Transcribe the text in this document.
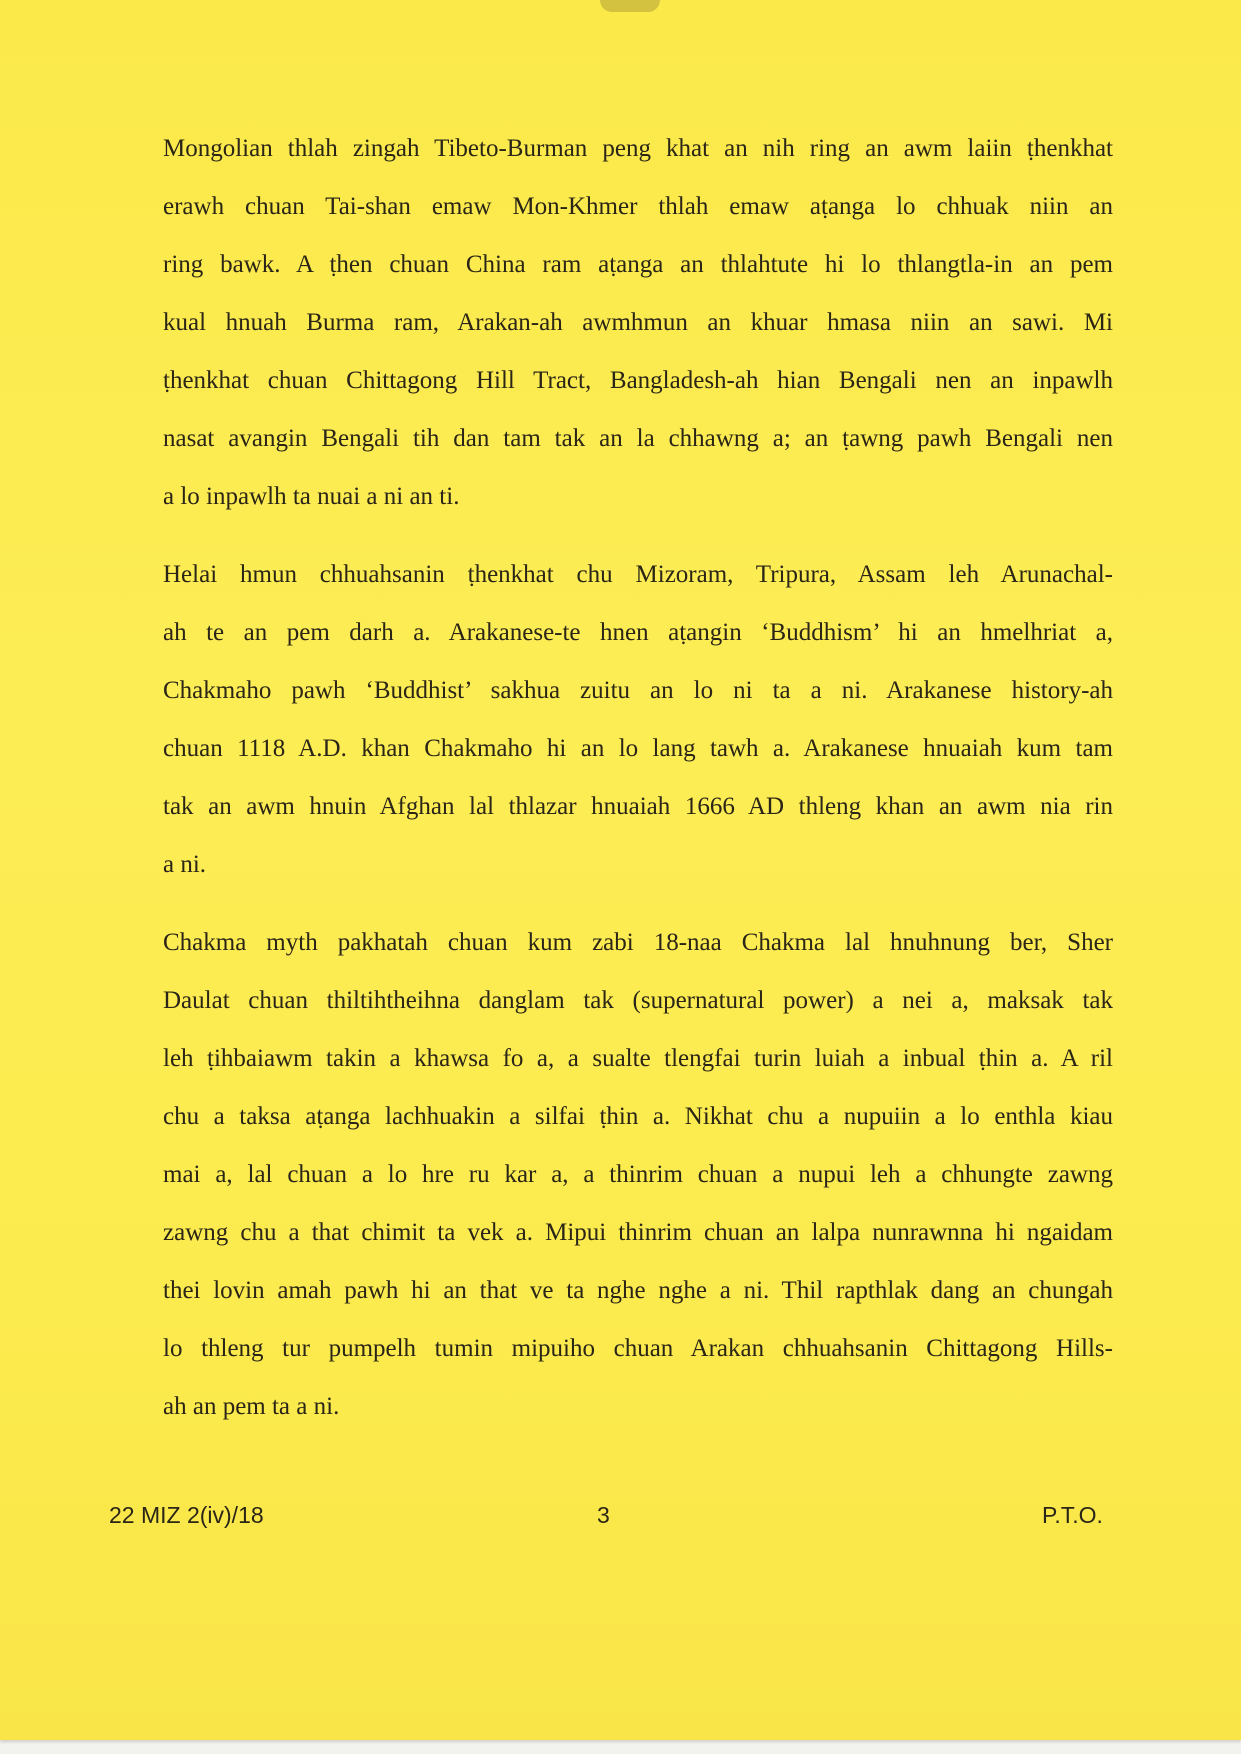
Mongolian thlah zingah Tibeto-Burman peng khat an nih ring an awm laiin ṭhenkhat
erawh chuan Tai-shan emaw Mon-Khmer thlah emaw aṭanga lo chhuak niin an
ring bawk. A ṭhen chuan China ram aṭanga an thlahtute hi lo thlangtla-in an pem
kual hnuah Burma ram, Arakan-ah awmhmun an khuar hmasa niin an sawi. Mi
ṭhenkhat chuan Chittagong Hill Tract, Bangladesh-ah hian Bengali nen an inpawlh
nasat avangin Bengali tih dan tam tak an la chhawng a; an ṭawng pawh Bengali nen
a lo inpawlh ta nuai a ni an ti.
Helai hmun chhuahsanin ṭhenkhat chu Mizoram, Tripura, Assam leh Arunachal-
ah te an pem darh a. Arakanese-te hnen aṭangin ‘Buddhism’ hi an hmelhriat a,
Chakmaho pawh ‘Buddhist’ sakhua zuitu an lo ni ta a ni. Arakanese history-ah
chuan 1118 A.D. khan Chakmaho hi an lo lang tawh a. Arakanese hnuaiah kum tam
tak an awm hnuin Afghan lal thlazar hnuaiah 1666 AD thleng khan an awm nia rin
a ni.
Chakma myth pakhatah chuan kum zabi 18-naa Chakma lal hnuhnung ber, Sher
Daulat chuan thiltihtheihna danglam tak (supernatural power) a nei a, maksak tak
leh ṭihbaiawm takin a khawsa fo a, a sualte tlengfai turin luiah a inbual ṭhin a. A ril
chu a taksa aṭanga lachhuakin a silfai ṭhin a. Nikhat chu a nupuiin a lo enthla kiau
mai a, lal chuan a lo hre ru kar a, a thinrim chuan a nupui leh a chhungte zawng
zawng chu a that chimit ta vek a. Mipui thinrim chuan an lalpa nunrawnna hi ngaidam
thei lovin amah pawh hi an that ve ta nghe nghe a ni. Thil rapthlak dang an chungah
lo thleng tur pumpelh tumin mipuiho chuan Arakan chhuahsanin Chittagong Hills-
ah an pem ta a ni.
22 MIZ 2(iv)/18	3	P.T.O.
